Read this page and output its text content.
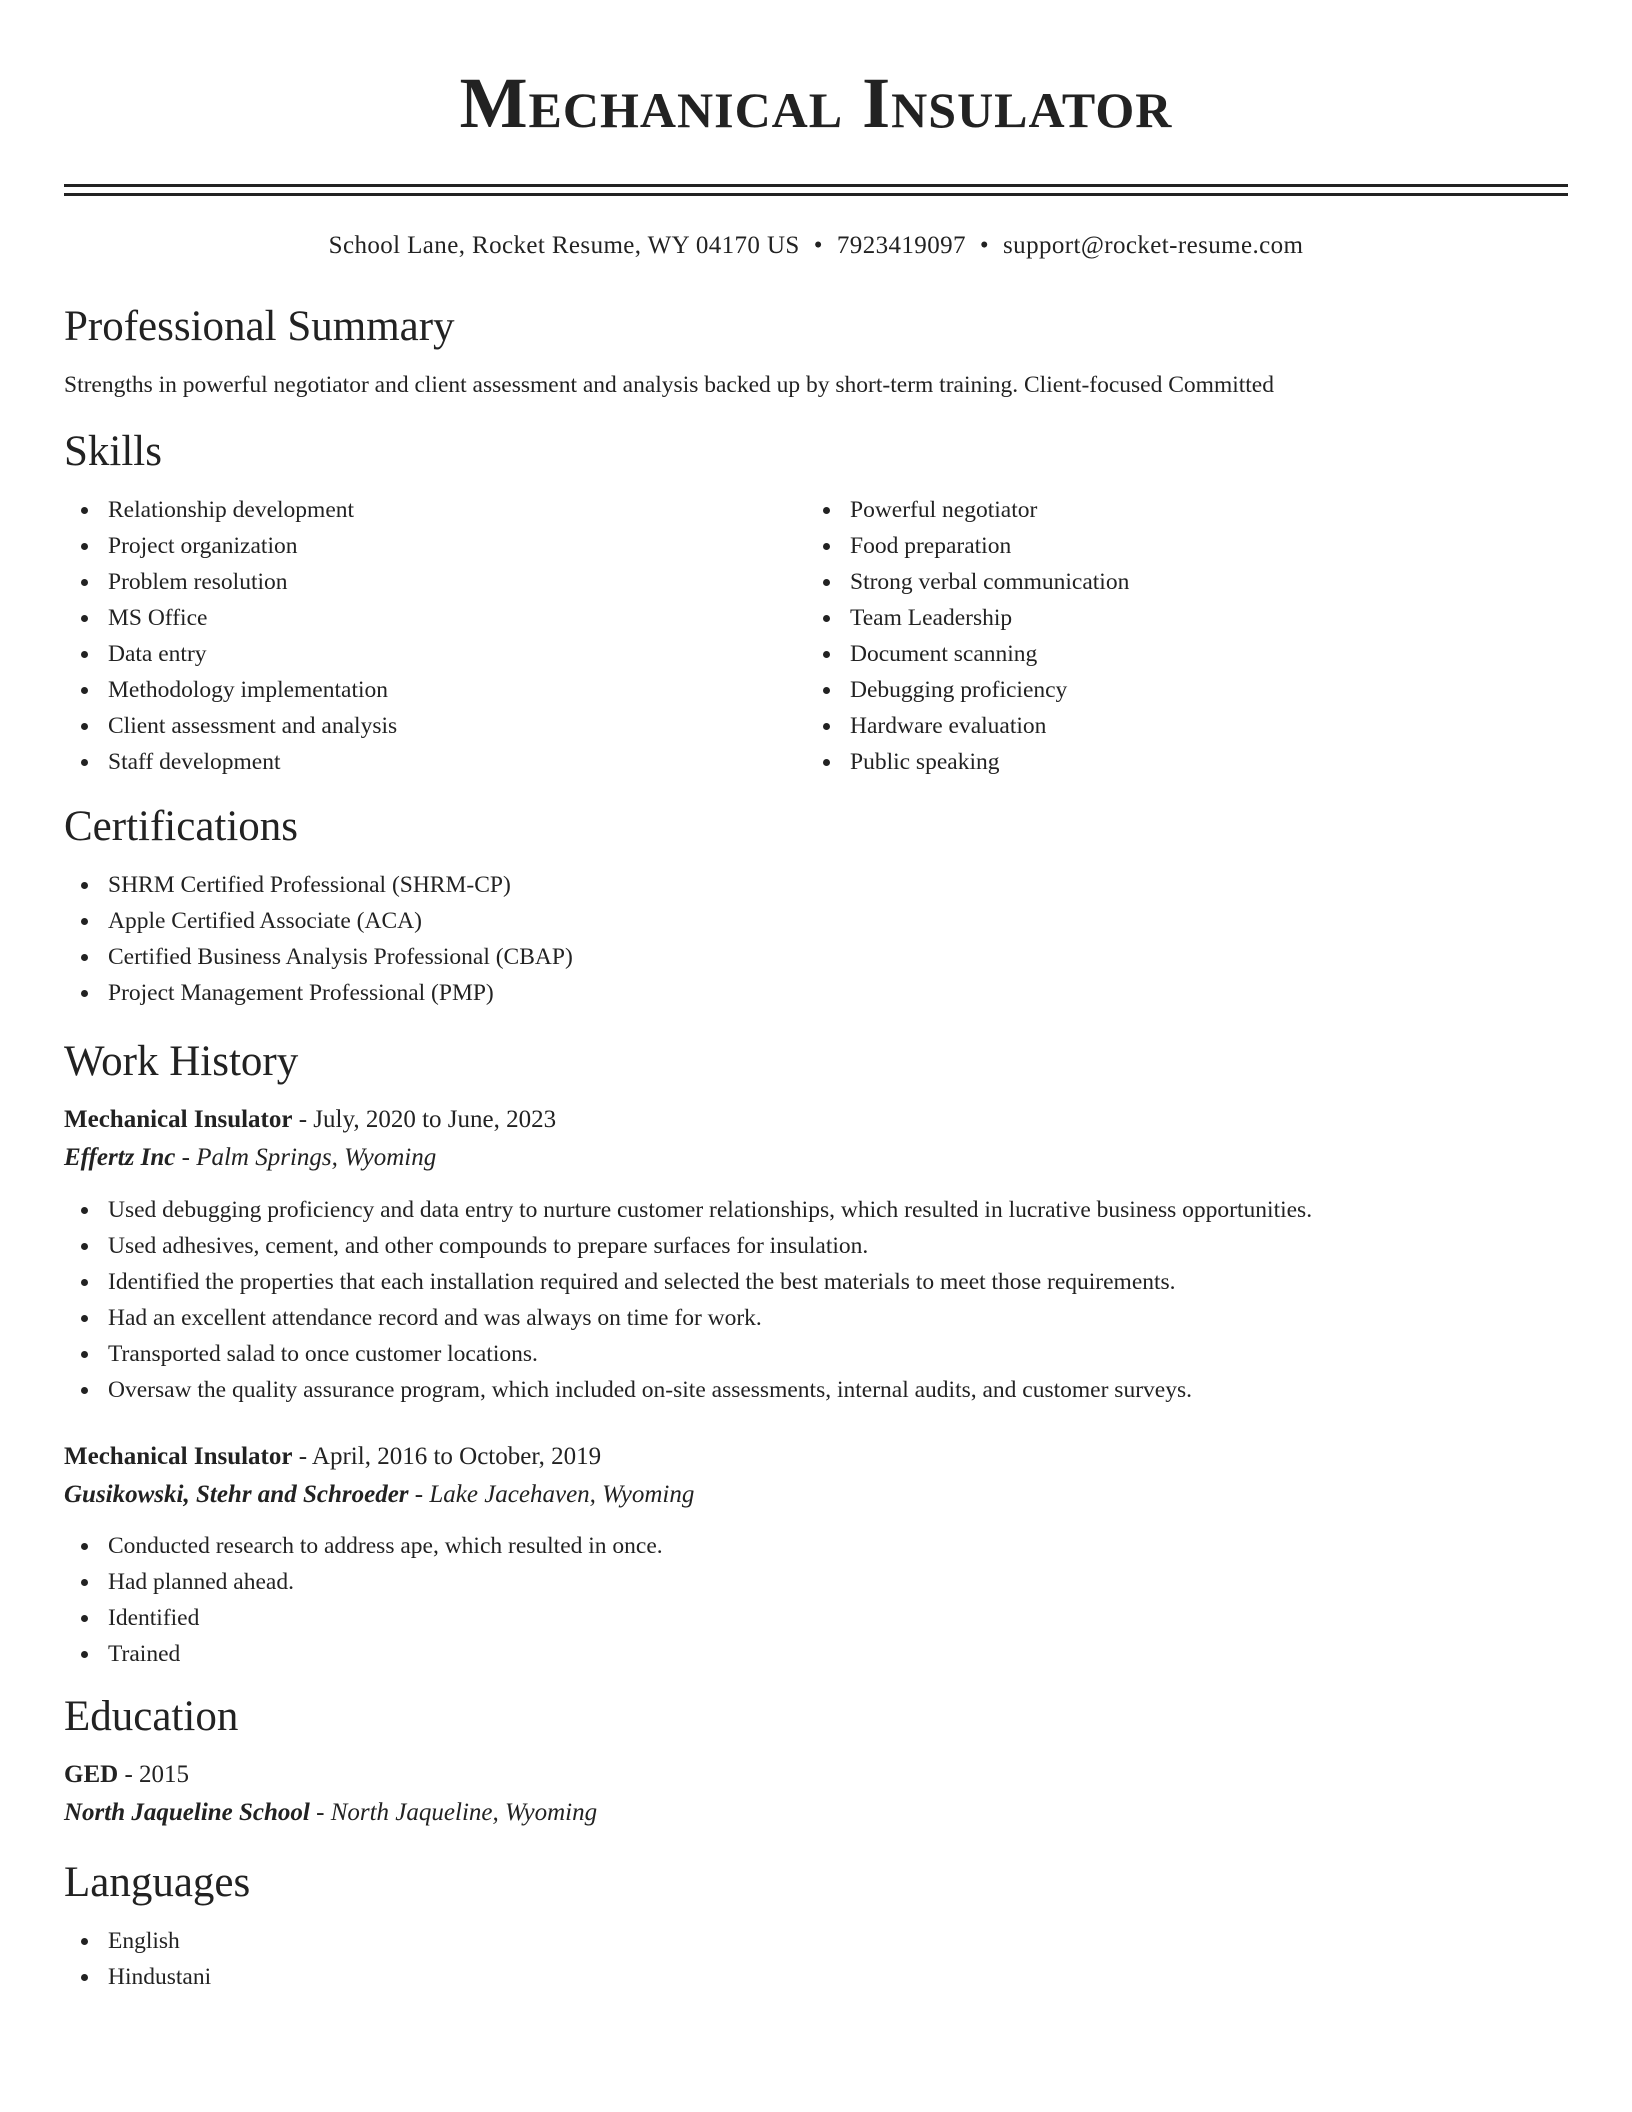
Mechanical Insulator
School Lane, Rocket Resume, WY 04170 US • 7923419097 • support@rocket-resume.com
Professional Summary

Strengths in powerful negotiator and client assessment and analysis backed up by short-term training. Client-focused Committed

Skills
Relationship development
Project organization
Problem resolution
MS Office
Data entry
Methodology implementation
Client assessment and analysis
Staff development
Powerful negotiator
Food preparation
Strong verbal communication
Team Leadership
Document scanning
Debugging proficiency
Hardware evaluation
Public speaking
Certifications
SHRM Certified Professional (SHRM-CP)
Apple Certified Associate (ACA)
Certified Business Analysis Professional (CBAP)
Project Management Professional (PMP)
Work History
Mechanical Insulator - July, 2020 to June, 2023
Effertz Inc - Palm Springs, Wyoming
Used debugging proficiency and data entry to nurture customer relationships, which resulted in lucrative business opportunities.
Used adhesives, cement, and other compounds to prepare surfaces for insulation.
Identified the properties that each installation required and selected the best materials to meet those requirements.
Had an excellent attendance record and was always on time for work.
Transported salad to once customer locations.
Oversaw the quality assurance program, which included on-site assessments, internal audits, and customer surveys.
Mechanical Insulator - April, 2016 to October, 2019
Gusikowski, Stehr and Schroeder - Lake Jacehaven, Wyoming
Conducted research to address ape, which resulted in once.
Had planned ahead.
Identified
Trained
Education
GED - 2015
North Jaqueline School - North Jaqueline, Wyoming
Languages
English
Hindustani
